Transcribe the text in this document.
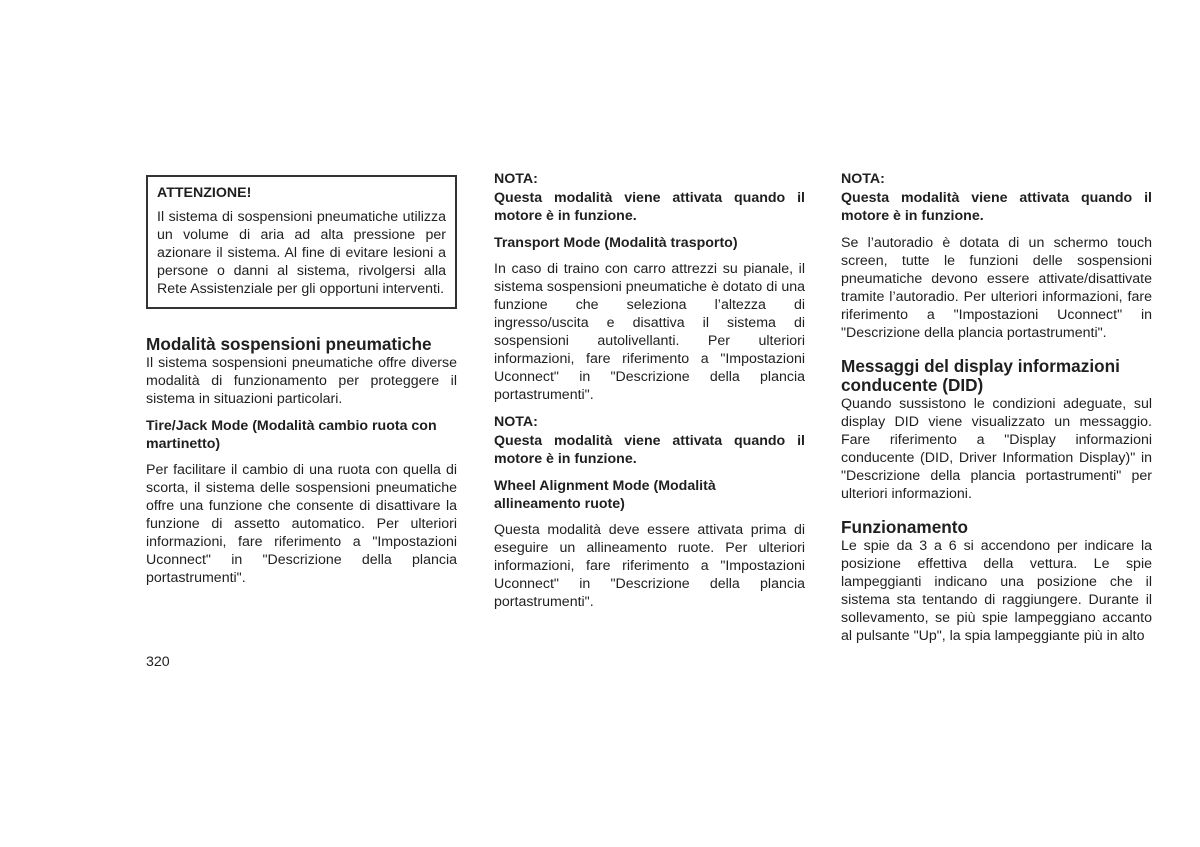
ATTENZIONE!

Il sistema di sospensioni pneumatiche utilizza un volume di aria ad alta pressione per azionare il sistema. Al fine di evitare lesioni a persone o danni al sistema, rivolgersi alla Rete Assistenziale per gli opportuni interventi.

Modalità sospensioni pneumatiche

Il sistema sospensioni pneumatiche offre diverse modalità di funzionamento per proteggere il sistema in situazioni particolari.

Tire/Jack Mode (Modalità cambio ruota con martinetto)

Per facilitare il cambio di una ruota con quella di scorta, il sistema delle sospensioni pneumatiche offre una funzione che consente di disattivare la funzione di assetto automatico. Per ulteriori informazioni, fare riferimento a "Impostazioni Uconnect" in "Descrizione della plancia portastrumenti".

NOTA:

Questa modalità viene attivata quando il motore è in funzione.

Transport Mode (Modalità trasporto)

In caso di traino con carro attrezzi su pianale, il sistema sospensioni pneumatiche è dotato di una funzione che seleziona l’altezza di ingresso/uscita e disattiva il sistema di sospensioni autolivellanti. Per ulteriori informazioni, fare riferimento a "Impostazioni Uconnect" in "Descrizione della plancia portastrumenti".

NOTA:

Questa modalità viene attivata quando il motore è in funzione.

Wheel Alignment Mode (Modalità allineamento ruote)

Questa modalità deve essere attivata prima di eseguire un allineamento ruote. Per ulteriori informazioni, fare riferimento a "Impostazioni Uconnect" in "Descrizione della plancia portastrumenti".

NOTA:

Questa modalità viene attivata quando il motore è in funzione.

Se l’autoradio è dotata di un schermo touch screen, tutte le funzioni delle sospensioni pneumatiche devono essere attivate/disattivate tramite l’autoradio. Per ulteriori informazioni, fare riferimento a "Impostazioni Uconnect" in "Descrizione della plancia portastrumenti".

Messaggi del display informazioni conducente (DID)

Quando sussistono le condizioni adeguate, sul display DID viene visualizzato un messaggio. Fare riferimento a "Display informazioni conducente (DID, Driver Information Display)" in "Descrizione della plancia portastrumenti" per ulteriori informazioni.

Funzionamento

Le spie da 3 a 6 si accendono per indicare la posizione effettiva della vettura. Le spie lampeggianti indicano una posizione che il sistema sta tentando di raggiungere. Durante il sollevamento, se più spie lampeggiano accanto al pulsante "Up", la spia lampeggiante più in alto

320
